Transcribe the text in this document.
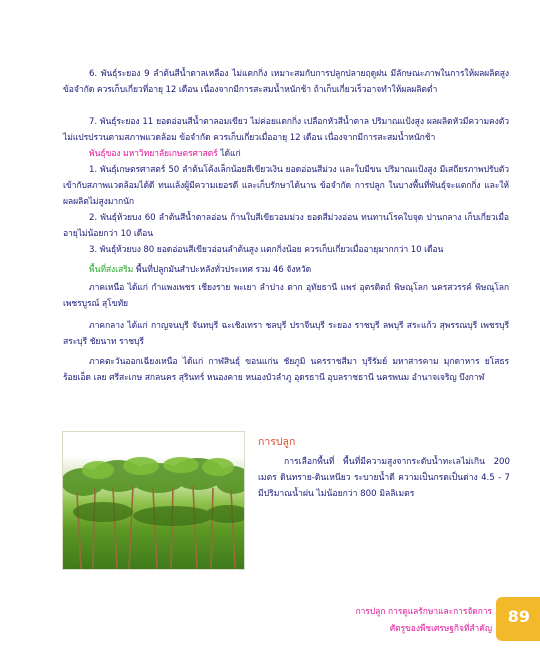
6. พันธุ์ระยอง 9 ลำต้นสีน้ำตาลเหลือง ไม่แตกกิ่ง เหมาะสมกับการปลูกปลายฤดูฝน มีลักษณะภาพในการให้ผลผลิตสูง ข้อจำกัด ควรเก็บเกี่ยวที่อายุ 12 เดือน เนื่องจากมีการสะสมน้ำหนักช้า ถ้าเก็บเกี่ยวเร็วอาจทำให้ผลผลิตต่ำ

7. พันธุ์ระยอง 11 ยอดอ่อนสีน้ำตาลอมเขียว ไม่ค่อยแตกกิ่ง เปลือกหัวสีน้ำตาล ปริมาณแป้งสูง ผลผลิตหัวมีความคงตัวไม่แปรปรวนตามสภาพแวดล้อม ข้อจำกัด ควรเก็บเกี่ยวเมื่ออายุ 12 เดือน เนื่องจากมีการสะสมน้ำหนักช้า

พันธุ์ของ มหาวิทยาลัยเกษตรศาสตร์ ได้แก่

1. พันธุ์เกษตรศาสตร์ 50 ลำต้นโค้งเล็กน้อยสีเขียวเงิน ยอดอ่อนสีม่วง และใบมีขน ปริมาณแป้งสูง มีเสถียรภาพปรับตัวเข้ากับสภาพแวดล้อมได้ดี ทนแล้งผู้มีความเยอรดี และเก็บรักษาได้นาน ข้อจำกัด การปลูก ในบางพื้นที่พันธุ์จะแตกกิ่ง และให้ผลผลิตไม่สูงมากนัก

2. พันธุ์ห้วยบง 60 ลำต้นสีน้ำตาลอ่อน ก้านใบสีเขียวอมม่วง ยอดสีม่วงอ่อน ทนทานโรคใบจุด ปานกลาง เก็บเกี่ยวเมื่ออายุไม่น้อยกว่า 10 เดือน

3. พันธุ์ห้วยบง 80 ยอดอ่อนสีเขียวอ่อนลำต้นสูง แตกกิ่งน้อย ควรเก็บเกี่ยวเมื่ออายุมากกว่า 10 เดือน

พื้นที่ส่งเสริม พื้นที่ปลูกมันสำปะหลังทั่วประเทศ รวม 46 จังหวัด

ภาคเหนือ ได้แก่ กำแพงเพชร เชียงราย พะเยา ลำปาง ตาก อุทัยธานี แพร่ อุตรดิตถ์ พิษณุโลก นครสวรรค์ พิษณุโลก เพชรบูรณ์ สุโขทัย

ภาคกลาง ได้แก่ กาญจนบุรี จันทบุรี ฉะเชิงเทรา ชลบุรี ปราจีนบุรี ระยอง ราชบุรี ลพบุรี สระแก้ว สุพรรณบุรี เพชรบุรี สระบุรี ชัยนาท ราชบุรี

ภาคตะวันออกเฉียงเหนือ ได้แก่ กาฬสินธุ์ ขอนแก่น ชัยภูมิ นครราชสีมา บุรีรัมย์ มหาสารคาม มุกดาหาร ยโสธร ร้อยเอ็ด เลย ศรีสะเกษ สกลนคร สุรินทร์ หนองคาย หนองบัวลำภู อุดรธานี อุบลราชธานี นครพนม อำนาจเจริญ บึงกาฬ

การปลูก

การเลือกพื้นที่ พื้นที่มีความสูงจากระดับน้ำทะเลไม่เกิน 200 เมตร ดินทราย-ดินเหนียว ระบายน้ำดี ความเป็นกรดเป็นด่าง 4.5 - 7 มีปริมาณน้ำฝน ไม่น้อยกว่า 800 มิลลิเมตร

การปลูก การดูแลรักษาและการจัดการ
ศัตรูของพืชเศรษฐกิจที่สำคัญ
89
